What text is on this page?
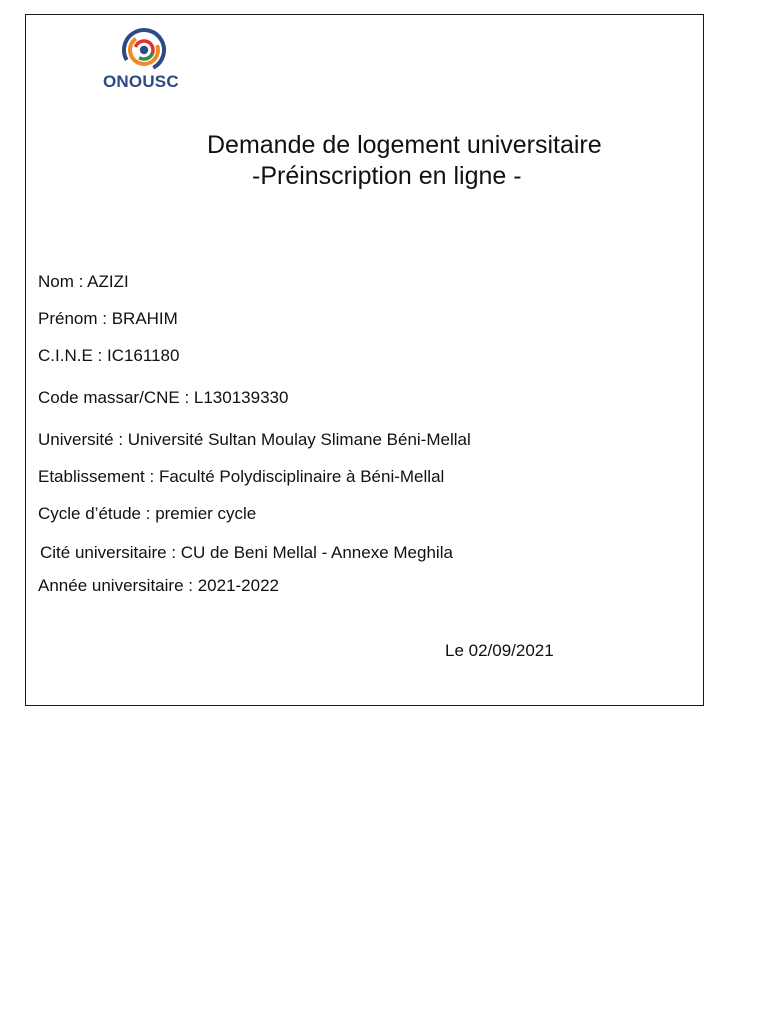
ONOUSC
Demande de logement universitaire
-Préinscription en ligne -
Nom : AZIZI
Prénom : BRAHIM
C.I.N.E : IC161180
Code massar/CNE : L130139330
Université : Université Sultan Moulay Slimane Béni-Mellal
Etablissement : Faculté Polydisciplinaire à Béni-Mellal
Cycle d’étude : premier cycle
Cité universitaire : CU de Beni Mellal - Annexe Meghila
Année universitaire : 2021-2022
Le 02/09/2021
